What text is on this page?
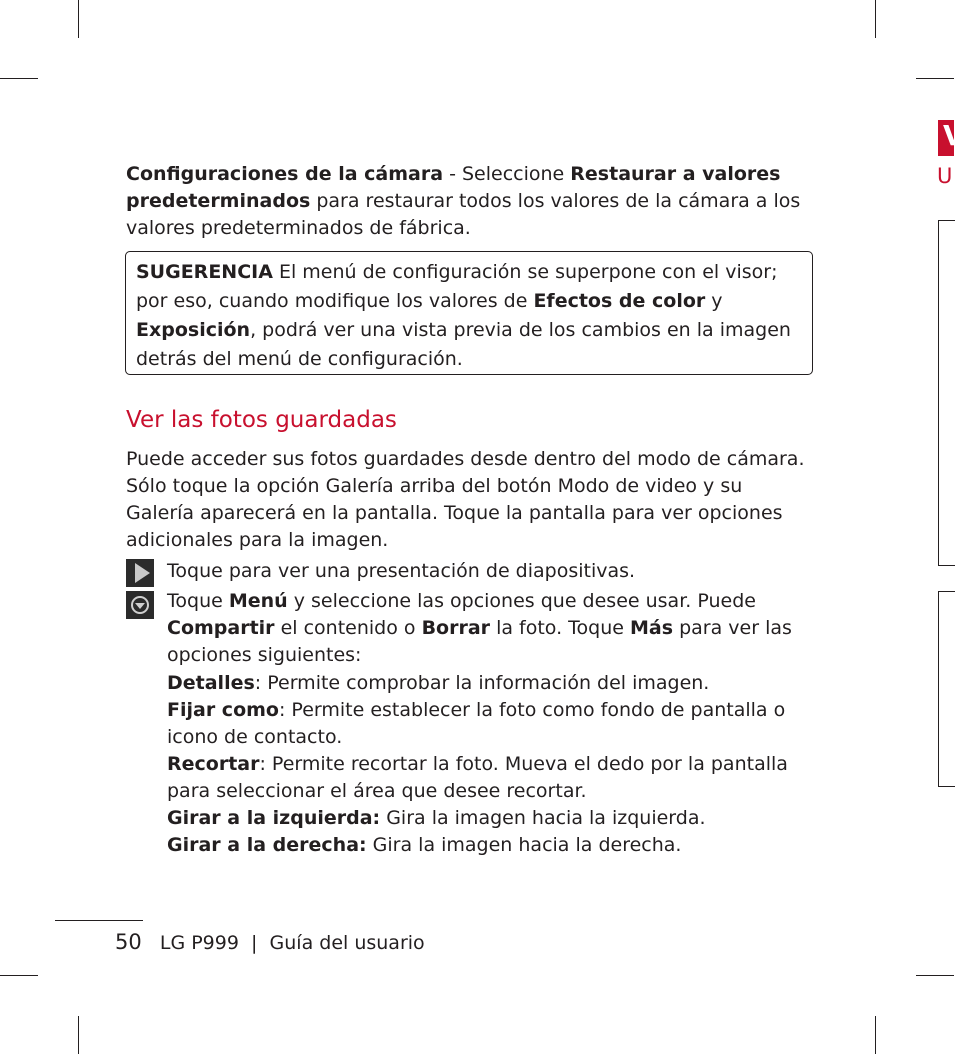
Configuraciones de la cámara - Seleccione Restaurar a valores predeterminados para restaurar todos los valores de la cámara a los valores predeterminados de fábrica.

SUGERENCIA El menú de configuración se superpone con el visor; por eso, cuando modifique los valores de Efectos de color y Exposición, podrá ver una vista previa de los cambios en la imagen detrás del menú de configuración.
Ver las fotos guardadas

Puede acceder sus fotos guardades desde dentro del modo de cámara. Sólo toque la opción Galería arriba del botón Modo de video y su Galería aparecerá en la pantalla. Toque la pantalla para ver opciones adicionales para la imagen.

Toque para ver una presentación de diapositivas.

Toque Menú y seleccione las opciones que desee usar. Puede Compartir el contenido o Borrar la foto. Toque Más para ver las opciones siguientes:

Detalles: Permite comprobar la información del imagen.

Fijar como: Permite establecer la foto como fondo de pantalla o icono de contacto.

Recortar: Permite recortar la foto. Mueva el dedo por la pantalla para seleccionar el área que desee recortar.

Girar a la izquierda: Gira la imagen hacia la izquierda.

Girar a la derecha: Gira la imagen hacia la derecha.

V
U
50 LG P999 | Guía del usuario
